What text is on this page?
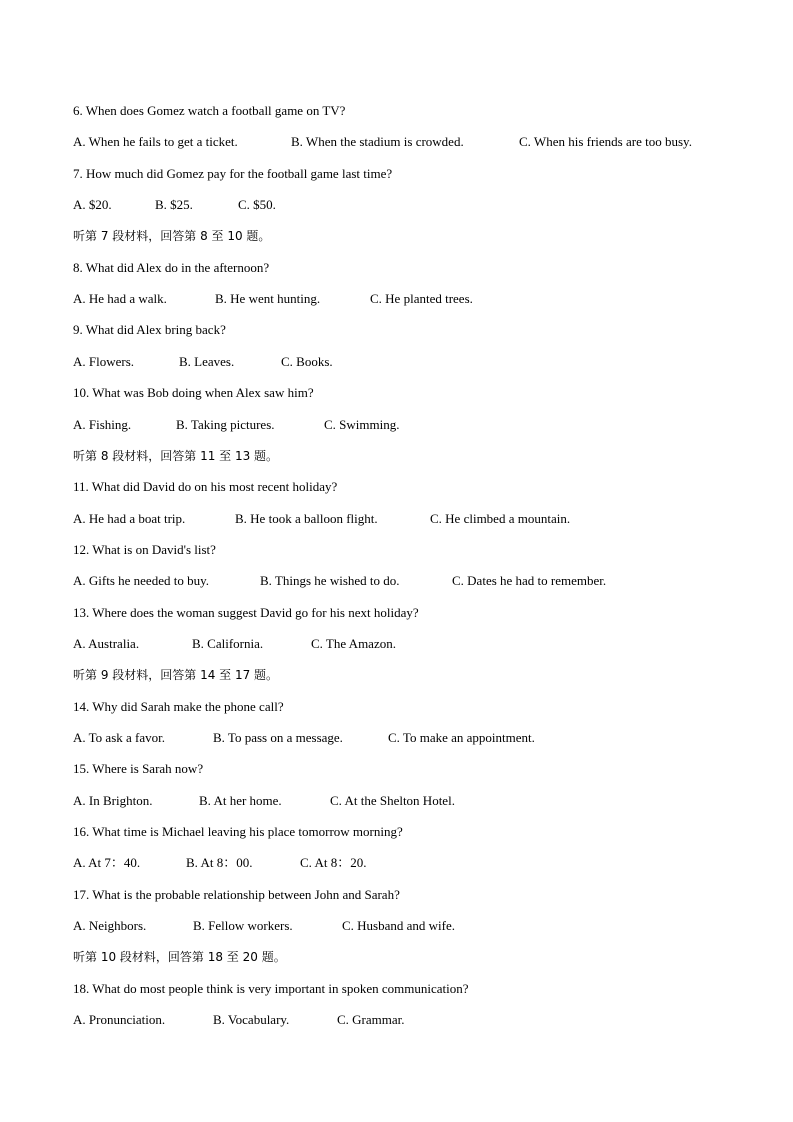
6. When does Gomez watch a football game on TV?
A. When he fails to get a ticket.	B. When the stadium is crowded.	C. When his friends are too busy.
7. How much did Gomez pay for the football game last time?
A. $20.	B. $25.	C. $50.
听第 7 段材料，回答第 8 至 10 题。
8. What did Alex do in the afternoon?
A. He had a walk.	B. He went hunting.	C. He planted trees.
9. What did Alex bring back?
A. Flowers.	B. Leaves.	C. Books.
10. What was Bob doing when Alex saw him?
A. Fishing.	B. Taking pictures.	C. Swimming.
听第 8 段材料，回答第 11 至 13 题。
11. What did David do on his most recent holiday?
A. He had a boat trip.	B. He took a balloon flight.	C. He climbed a mountain.
12. What is on David's list?
A. Gifts he needed to buy.	B. Things he wished to do.	C. Dates he had to remember.
13. Where does the woman suggest David go for his next holiday?
A. Australia.	B. California.	C. The Amazon.
听第 9 段材料，回答第 14 至 17 题。
14. Why did Sarah make the phone call?
A. To ask a favor.	B. To pass on a message.	C. To make an appointment.
15. Where is Sarah now?
A. In Brighton.	B. At her home.	C. At the Shelton Hotel.
16. What time is Michael leaving his place tomorrow morning?
A. At 7：40.	B. At 8：00.	C. At 8：20.
17. What is the probable relationship between John and Sarah?
A. Neighbors.	B. Fellow workers.	C. Husband and wife.
听第 10 段材料，回答第 18 至 20 题。
18. What do most people think is very important in spoken communication?
A. Pronunciation.	B. Vocabulary.	C. Grammar.
